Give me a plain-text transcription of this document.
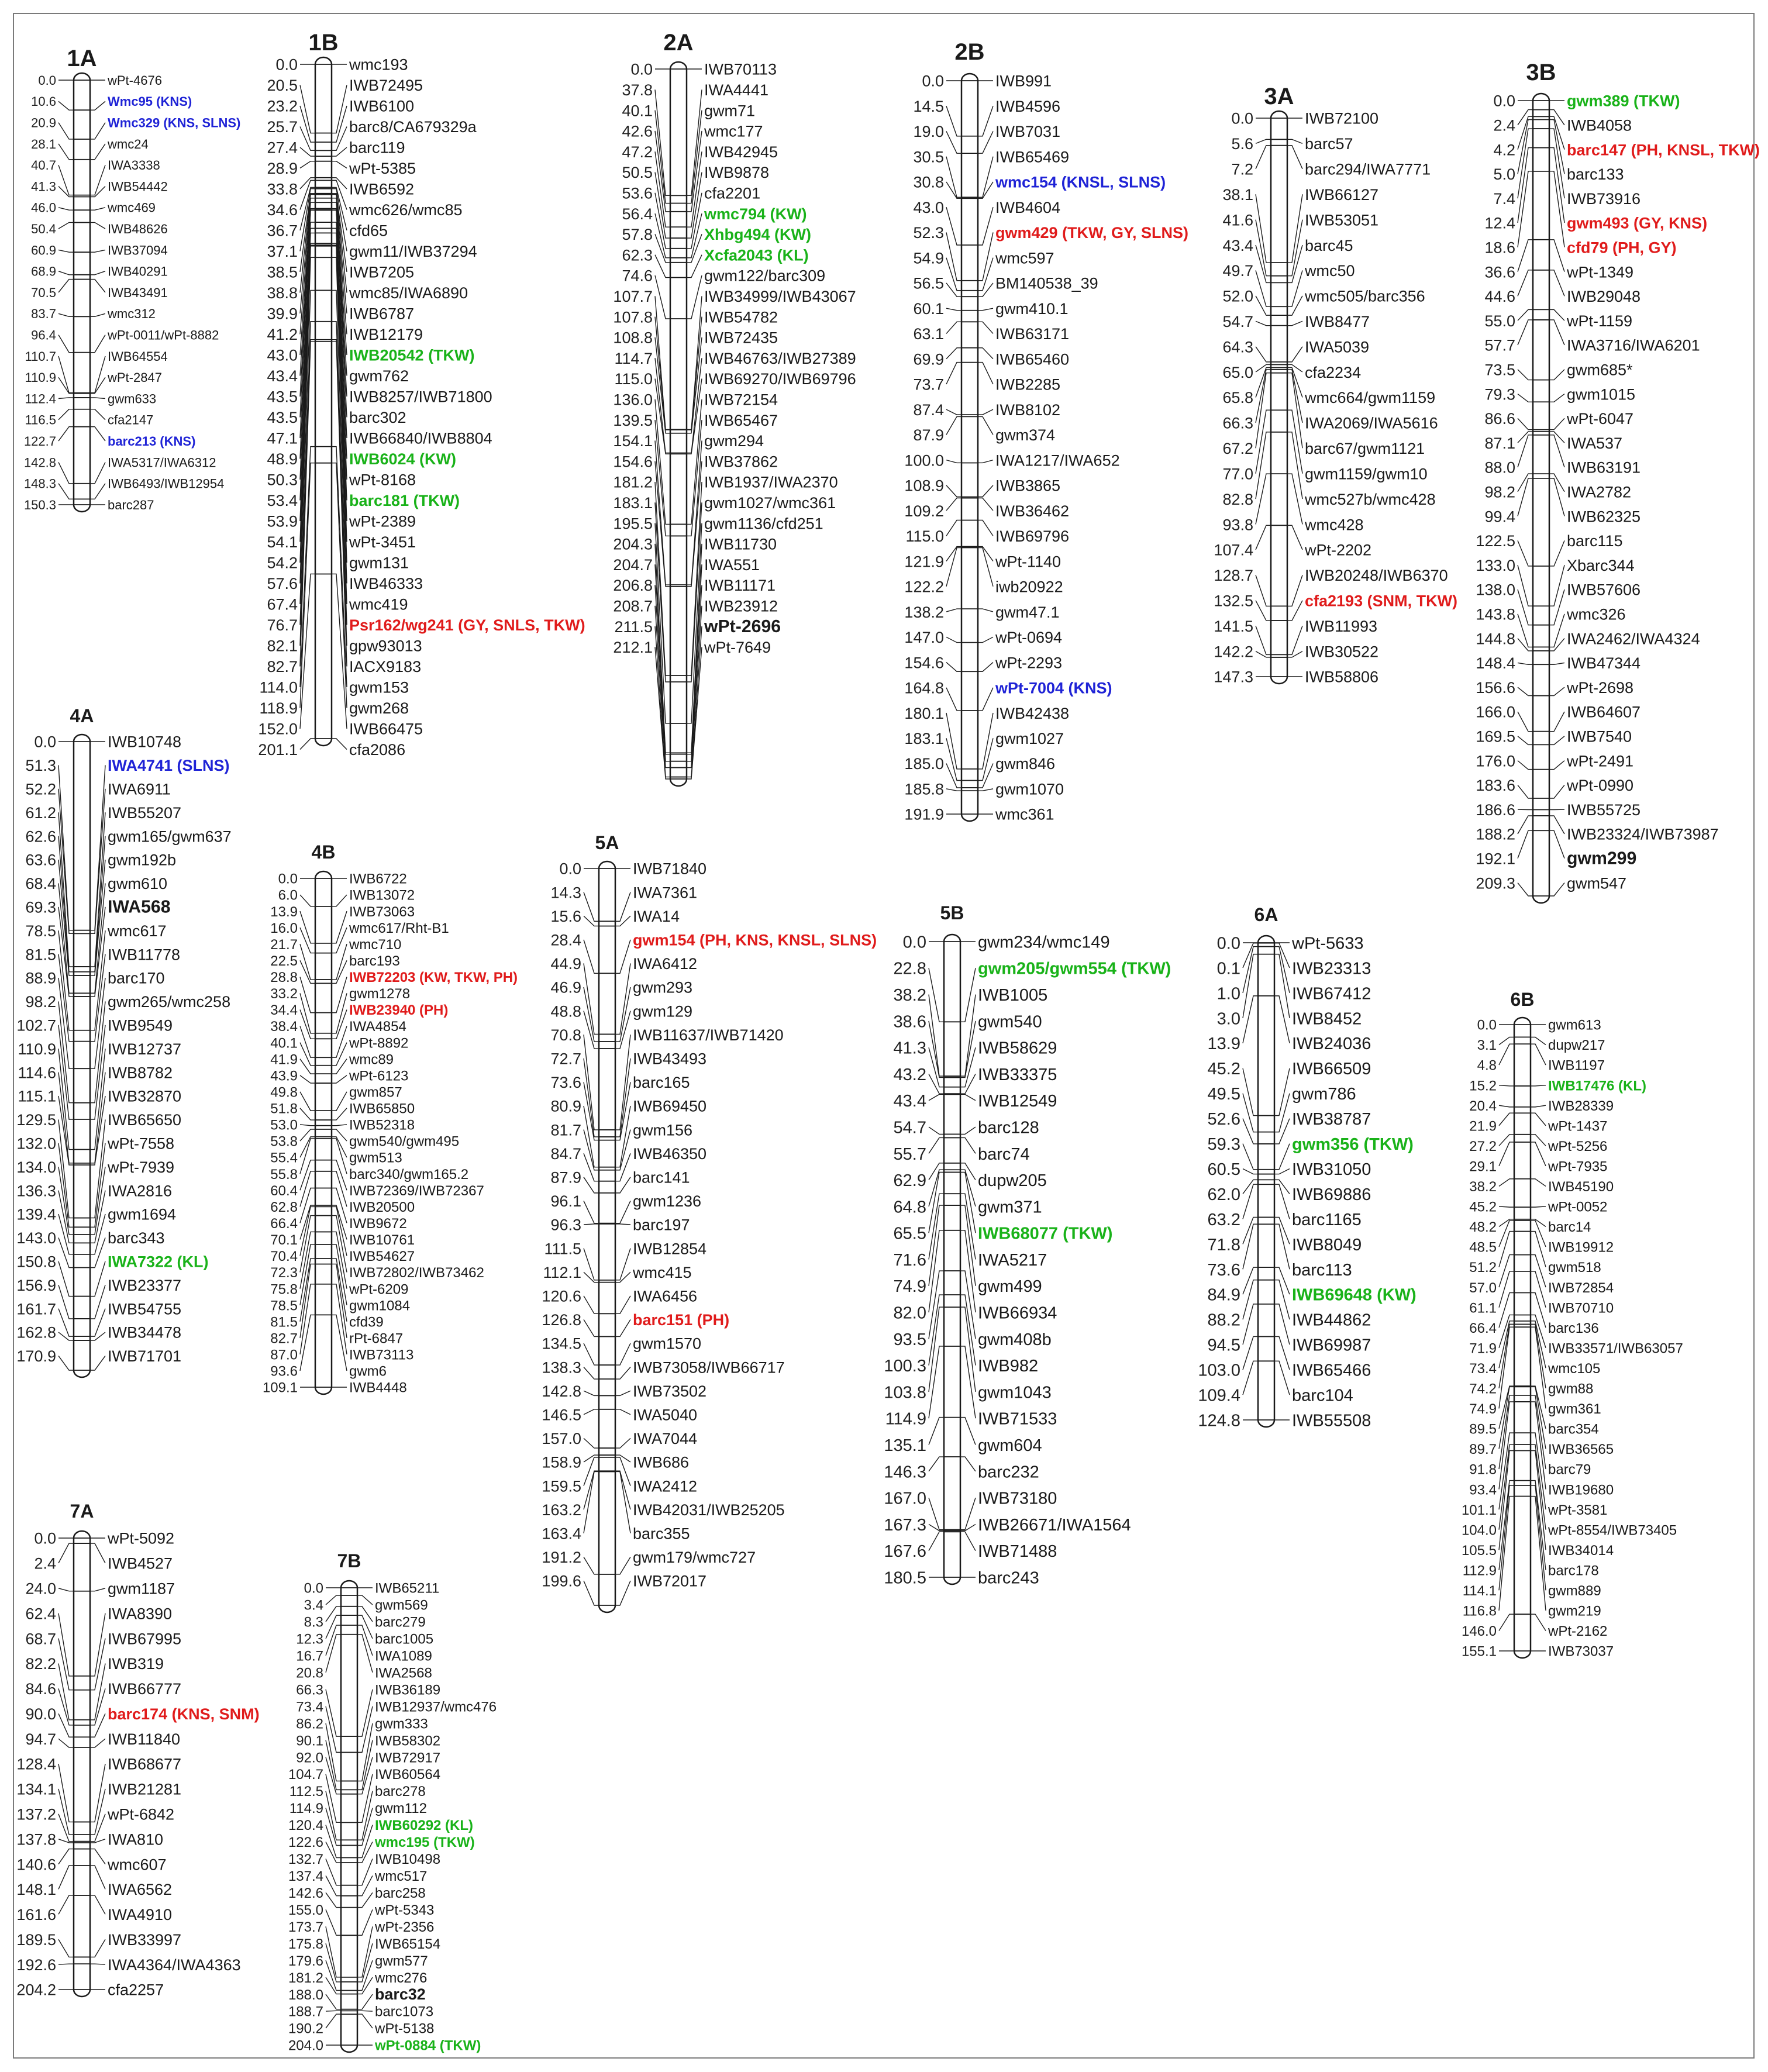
1A
0.0	wPt-4676
10.6	Wmc95 (KNS)
20.9	Wmc329 (KNS, SLNS)
28.1	wmc24
40.7	IWA3338
41.3	IWB54442
46.0	wmc469
50.4	IWB48626
60.9	IWB37094
68.9	IWB40291
70.5	IWB43491
83.7	wmc312
96.4	wPt-0011/wPt-8882
110.7	IWB64554
110.9	wPt-2847
112.4	gwm633
116.5	cfa2147
122.7	barc213 (KNS)
142.8	IWA5317/IWA6312
148.3	IWB6493/IWB12954
150.3	barc287
1B
0.0	wmc193
20.5	IWB72495
23.2	IWB6100
25.7	barc8/CA679329a
27.4	barc119
28.9	wPt-5385
33.8	IWB6592
34.6	wmc626/wmc85
36.7	cfd65
37.1	gwm11/IWB37294
38.5	IWB7205
38.8	wmc85/IWA6890
39.9	IWB6787
41.2	IWB12179
43.0	IWB20542 (TKW)
43.4	gwm762
43.5	IWB8257/IWB71800
43.5	barc302
47.1	IWB66840/IWB8804
48.9	IWB6024 (KW)
50.3	wPt-8168
53.4	barc181 (TKW)
53.9	wPt-2389
54.1	wPt-3451
54.2	gwm131
57.6	IWB46333
67.4	wmc419
76.7	Psr162/wg241 (GY, SNLS, TKW)
82.1	gpw93013
82.7	IACX9183
114.0	gwm153
118.9	gwm268
152.0	IWB66475
201.1	cfa2086
2A
0.0	IWB70113
37.8	IWA4441
40.1	gwm71
42.6	wmc177
47.2	IWB42945
50.5	IWB9878
53.6	cfa2201
56.4	wmc794 (KW)
57.8	Xhbg494 (KW)
62.3	Xcfa2043 (KL)
74.6	gwm122/barc309
107.7	IWB34999/IWB43067
107.8	IWB54782
108.8	IWB72435
114.7	IWB46763/IWB27389
115.0	IWB69270/IWB69796
136.0	IWB72154
139.5	IWB65467
154.1	gwm294
154.6	IWB37862
181.2	IWB1937/IWA2370
183.1	gwm1027/wmc361
195.5	gwm1136/cfd251
204.3	IWB11730
204.7	IWA551
206.8	IWB11171
208.7	IWB23912
211.5	wPt-2696
212.1	wPt-7649
2B
0.0	IWB991
14.5	IWB4596
19.0	IWB7031
30.5	IWB65469
30.8	wmc154 (KNSL, SLNS)
43.0	IWB4604
52.3	gwm429 (TKW, GY, SLNS)
54.9	wmc597
56.5	BM140538_39
60.1	gwm410.1
63.1	IWB63171
69.9	IWB65460
73.7	IWB2285
87.4	IWB8102
87.9	gwm374
100.0	IWA1217/IWA652
108.9	IWB3865
109.2	IWB36462
115.0	IWB69796
121.9	wPt-1140
122.2	iwb20922
138.2	gwm47.1
147.0	wPt-0694
154.6	wPt-2293
164.8	wPt-7004 (KNS)
180.1	IWB42438
183.1	gwm1027
185.0	gwm846
185.8	gwm1070
191.9	wmc361
3A
0.0	IWB72100
5.6	barc57
7.2	barc294/IWA7771
38.1	IWB66127
41.6	IWB53051
43.4	barc45
49.7	wmc50
52.0	wmc505/barc356
54.7	IWB8477
64.3	IWA5039
65.0	cfa2234
65.8	wmc664/gwm1159
66.3	IWA2069/IWA5616
67.2	barc67/gwm1121
77.0	gwm1159/gwm10
82.8	wmc527b/wmc428
93.8	wmc428
107.4	wPt-2202
128.7	IWB20248/IWB6370
132.5	cfa2193 (SNM, TKW)
141.5	IWB11993
142.2	IWB30522
147.3	IWB58806
3B
0.0	gwm389 (TKW)
2.4	IWB4058
4.2	barc147 (PH, KNSL, TKW)
5.0	barc133
7.4	IWB73916
12.4	gwm493 (GY, KNS)
18.6	cfd79 (PH, GY)
36.6	wPt-1349
44.6	IWB29048
55.0	wPt-1159
57.7	IWA3716/IWA6201
73.5	gwm685*
79.3	gwm1015
86.6	wPt-6047
87.1	IWA537
88.0	IWB63191
98.2	IWA2782
99.4	IWB62325
122.5	barc115
133.0	Xbarc344
138.0	IWB57606
143.8	wmc326
144.8	IWA2462/IWA4324
148.4	IWB47344
156.6	wPt-2698
166.0	IWB64607
169.5	IWB7540
176.0	wPt-2491
183.6	wPt-0990
186.6	IWB55725
188.2	IWB23324/IWB73987
192.1	gwm299
209.3	gwm547
4A
0.0	IWB10748
51.3	IWA4741 (SLNS)
52.2	IWA6911
61.2	IWB55207
62.6	gwm165/gwm637
63.6	gwm192b
68.4	gwm610
69.3	IWA568
78.5	wmc617
81.5	IWB11778
88.9	barc170
98.2	gwm265/wmc258
102.7	IWB9549
110.9	IWB12737
114.6	IWB8782
115.1	IWB32870
129.5	IWB65650
132.0	wPt-7558
134.0	wPt-7939
136.3	IWA2816
139.4	gwm1694
143.0	barc343
150.8	IWA7322 (KL)
156.9	IWB23377
161.7	IWB54755
162.8	IWB34478
170.9	IWB71701
4B
0.0	IWB6722
6.0	IWB13072
13.9	IWB73063
16.0	wmc617/Rht-B1
21.7	wmc710
22.5	barc193
28.8	IWB72203 (KW, TKW, PH)
33.2	gwm1278
34.4	IWB23940 (PH)
38.4	IWA4854
40.1	wPt-8892
41.9	wmc89
43.9	wPt-6123
49.8	gwm857
51.8	IWB65850
53.0	IWB52318
53.8	gwm540/gwm495
55.4	gwm513
55.8	barc340/gwm165.2
60.4	IWB72369/IWB72367
62.8	IWB20500
66.4	IWB9672
70.1	IWB10761
70.4	IWB54627
72.3	IWB72802/IWB73462
75.8	wPt-6209
78.5	gwm1084
81.5	cfd39
82.7	rPt-6847
87.0	IWB73113
93.6	gwm6
109.1	IWB4448
5A
0.0	IWB71840
14.3	IWA7361
15.6	IWA14
28.4	gwm154 (PH, KNS, KNSL, SLNS)
44.9	IWA6412
46.9	gwm293
48.8	gwm129
70.8	IWB11637/IWB71420
72.7	IWB43493
73.6	barc165
80.9	IWB69450
81.7	gwm156
84.7	IWB46350
87.9	barc141
96.1	gwm1236
96.3	barc197
111.5	IWB12854
112.1	wmc415
120.6	IWA6456
126.8	barc151 (PH)
134.5	gwm1570
138.3	IWB73058/IWB66717
142.8	IWB73502
146.5	IWA5040
157.0	IWA7044
158.9	IWB686
159.5	IWA2412
163.2	IWB42031/IWB25205
163.4	barc355
191.2	gwm179/wmc727
199.6	IWB72017
5B
0.0	gwm234/wmc149
22.8	gwm205/gwm554 (TKW)
38.2	IWB1005
38.6	gwm540
41.3	IWB58629
43.2	IWB33375
43.4	IWB12549
54.7	barc128
55.7	barc74
62.9	dupw205
64.8	gwm371
65.5	IWB68077 (TKW)
71.6	IWA5217
74.9	gwm499
82.0	IWB66934
93.5	gwm408b
100.3	IWB982
103.8	gwm1043
114.9	IWB71533
135.1	gwm604
146.3	barc232
167.0	IWB73180
167.3	IWB26671/IWA1564
167.6	IWB71488
180.5	barc243
6A
0.0	wPt-5633
0.1	IWB23313
1.0	IWB67412
3.0	IWB8452
13.9	IWB24036
45.2	IWB66509
49.5	gwm786
52.6	IWB38787
59.3	gwm356 (TKW)
60.5	IWB31050
62.0	IWB69886
63.2	barc1165
71.8	IWB8049
73.6	barc113
84.9	IWB69648 (KW)
88.2	IWB44862
94.5	IWB69987
103.0	IWB65466
109.4	barc104
124.8	IWB55508
6B
0.0	gwm613
3.1	dupw217
4.8	IWB1197
15.2	IWB17476 (KL)
20.4	IWB28339
21.9	wPt-1437
27.2	wPt-5256
29.1	wPt-7935
38.2	IWB45190
45.2	wPt-0052
48.2	barc14
48.5	IWB19912
51.2	gwm518
57.0	IWB72854
61.1	IWB70710
66.4	barc136
71.9	IWB33571/IWB63057
73.4	wmc105
74.2	gwm88
74.9	gwm361
89.5	barc354
89.7	IWB36565
91.8	barc79
93.4	IWB19680
101.1	wPt-3581
104.0	wPt-8554/IWB73405
105.5	IWB34014
112.9	barc178
114.1	gwm889
116.8	gwm219
146.0	wPt-2162
155.1	IWB73037
7A
0.0	wPt-5092
2.4	IWB4527
24.0	gwm1187
62.4	IWA8390
68.7	IWB67995
82.2	IWB319
84.6	IWB66777
90.0	barc174 (KNS, SNM)
94.7	IWB11840
128.4	IWB68677
134.1	IWB21281
137.2	wPt-6842
137.8	IWA810
140.6	wmc607
148.1	IWA6562
161.6	IWA4910
189.5	IWB33997
192.6	IWA4364/IWA4363
204.2	cfa2257
7B
0.0	IWB65211
3.4	gwm569
8.3	barc279
12.3	barc1005
16.7	IWA1089
20.8	IWA2568
66.3	IWB36189
73.4	IWB12937/wmc476
86.2	gwm333
90.1	IWB58302
92.0	IWB72917
104.7	IWB60564
112.5	barc278
114.9	gwm112
120.4	IWB60292 (KL)
122.6	wmc195 (TKW)
132.7	IWB10498
137.4	wmc517
142.6	barc258
155.0	wPt-5343
173.7	wPt-2356
175.8	IWB65154
179.6	gwm577
181.2	wmc276
188.0	barc32
188.7	barc1073
190.2	wPt-5138
204.0	wPt-0884 (TKW)
